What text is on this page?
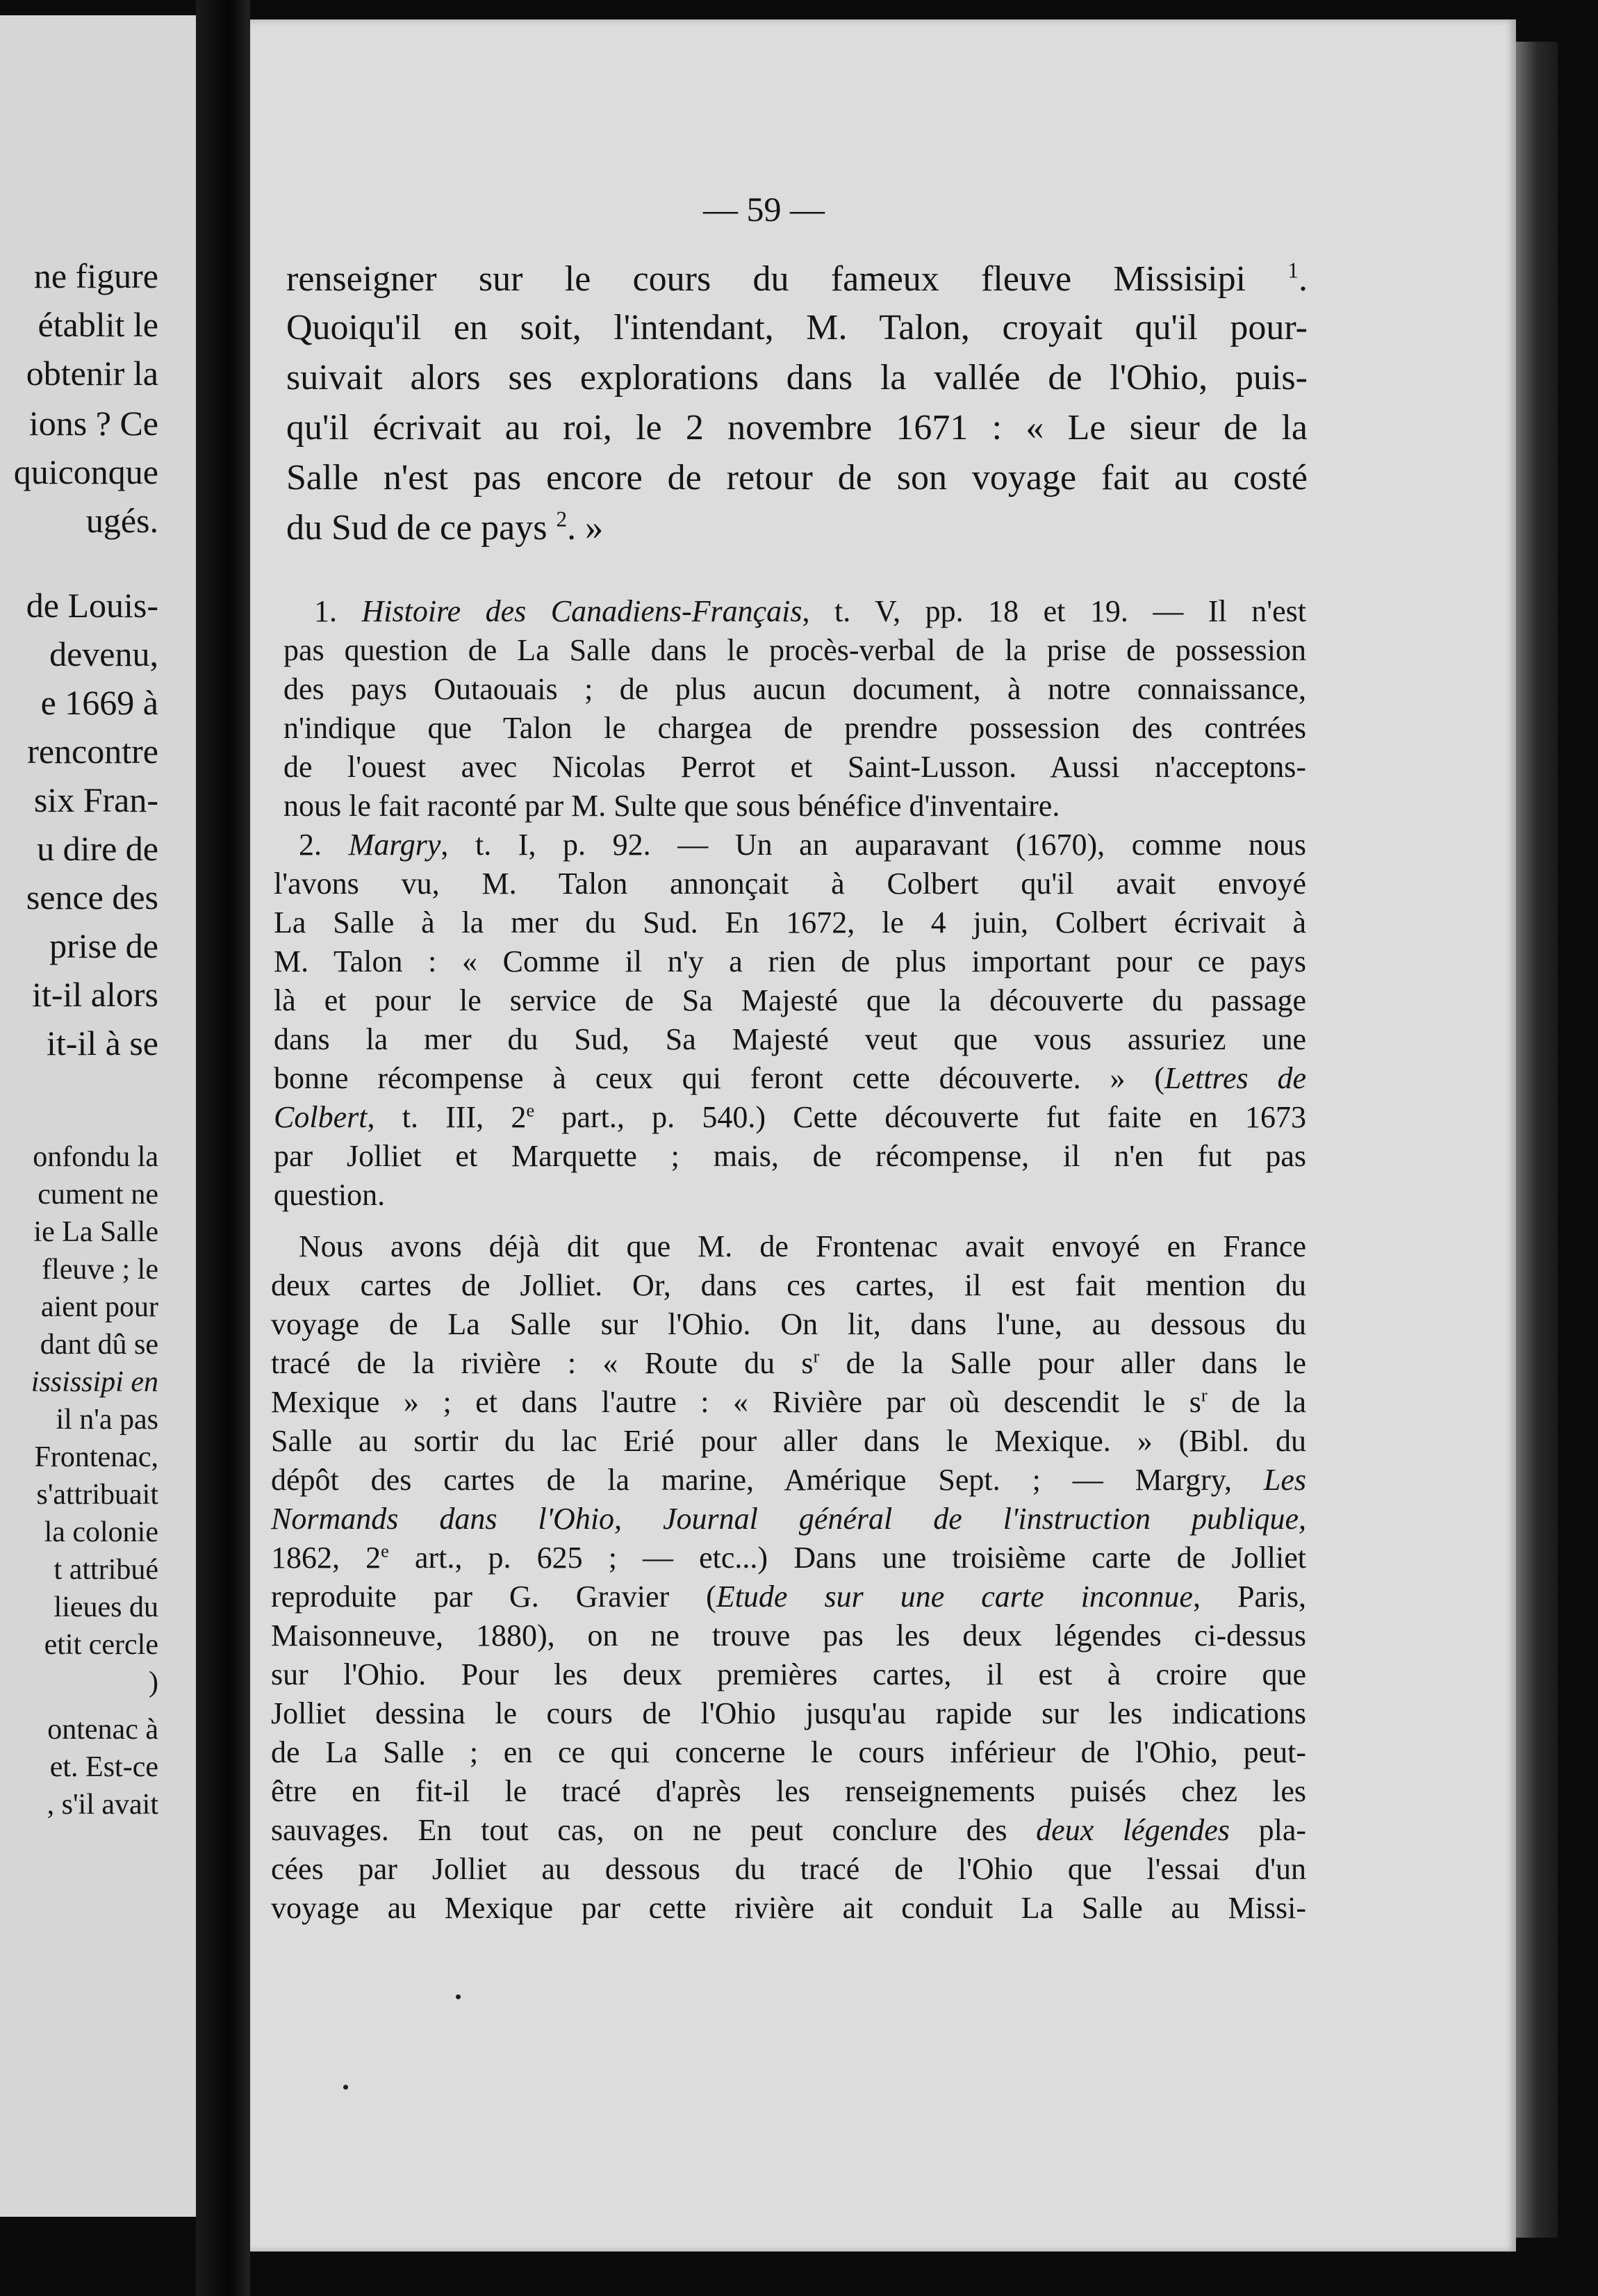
ne figure
établit le
obtenir la
ions ? Ce
quiconque
ugés.
de Louis-
devenu,
e 1669 à
rencontre
six Fran-
u dire de
sence des
prise de
it-il alors
it-il à se
onfondu la
cument ne
ie La Salle
fleuve ; le
aient pour
dant dû se
ississipi en
il n'a pas
Frontenac,
s'attribuait
la colonie
t attribué
lieues du
etit cercle
)
ontenac à
et. Est-ce
, s'il avait
— 59 —
renseigner sur le cours du fameux fleuve Missisipi $^1$.
Quoiqu'il en soit, l'intendant, M. Talon, croyait qu'il pour-
suivait alors ses explorations dans la vallée de l'Ohio, puis-
qu'il écrivait au roi, le 2 novembre 1671 : « Le sieur de la
Salle n'est pas encore de retour de son voyage fait au costé
du Sud de ce pays $^2$. »
1. Histoire des Canadiens-Français, t. V, pp. 18 et 19. — Il n'est
pas question de La Salle dans le procès-verbal de la prise de possession
des pays Outaouais ; de plus aucun document, à notre connaissance,
n'indique que Talon le chargea de prendre possession des contrées
de l'ouest avec Nicolas Perrot et Saint-Lusson. Aussi n'acceptons-
nous le fait raconté par M. Sulte que sous bénéfice d'inventaire.
2. Margry, t. I, p. 92. — Un an auparavant (1670), comme nous
l'avons vu, M. Talon annonçait à Colbert qu'il avait envoyé
La Salle à la mer du Sud. En 1672, le 4 juin, Colbert écrivait à
M. Talon : « Comme il n'y a rien de plus important pour ce pays
là et pour le service de Sa Majesté que la découverte du passage
dans la mer du Sud, Sa Majesté veut que vous assuriez une
bonne récompense à ceux qui feront cette découverte. » (Lettres de
Colbert, t. III, 2e part., p. 540.) Cette découverte fut faite en 1673
par Jolliet et Marquette ; mais, de récompense, il n'en fut pas
question.
Nous avons déjà dit que M. de Frontenac avait envoyé en France
deux cartes de Jolliet. Or, dans ces cartes, il est fait mention du
voyage de La Salle sur l'Ohio. On lit, dans l'une, au dessous du
tracé de la rivière : « Route du $s^r$ de la Salle pour aller dans le
Mexique » ; et dans l'autre : « Rivière par où descendit le $s^r$ de la
Salle au sortir du lac Erié pour aller dans le Mexique. » (Bibl. du
dépôt des cartes de la marine, Amérique Sept. ; — Margry, Les
Normands dans l'Ohio, Journal général de l'instruction publique,
1862, 2e art., p. 625 ; — etc...) Dans une troisième carte de Jolliet
reproduite par G. Gravier (Etude sur une carte inconnue, Paris,
Maisonneuve, 1880), on ne trouve pas les deux légendes ci-dessus
sur l'Ohio. Pour les deux premières cartes, il est à croire que
Jolliet dessina le cours de l'Ohio jusqu'au rapide sur les indications
de La Salle ; en ce qui concerne le cours inférieur de l'Ohio, peut-
être en fit-il le tracé d'après les renseignements puisés chez les
sauvages. En tout cas, on ne peut conclure des deux légendes pla-
cées par Jolliet au dessous du tracé de l'Ohio que l'essai d'un
voyage au Mexique par cette rivière ait conduit La Salle au Missi-
